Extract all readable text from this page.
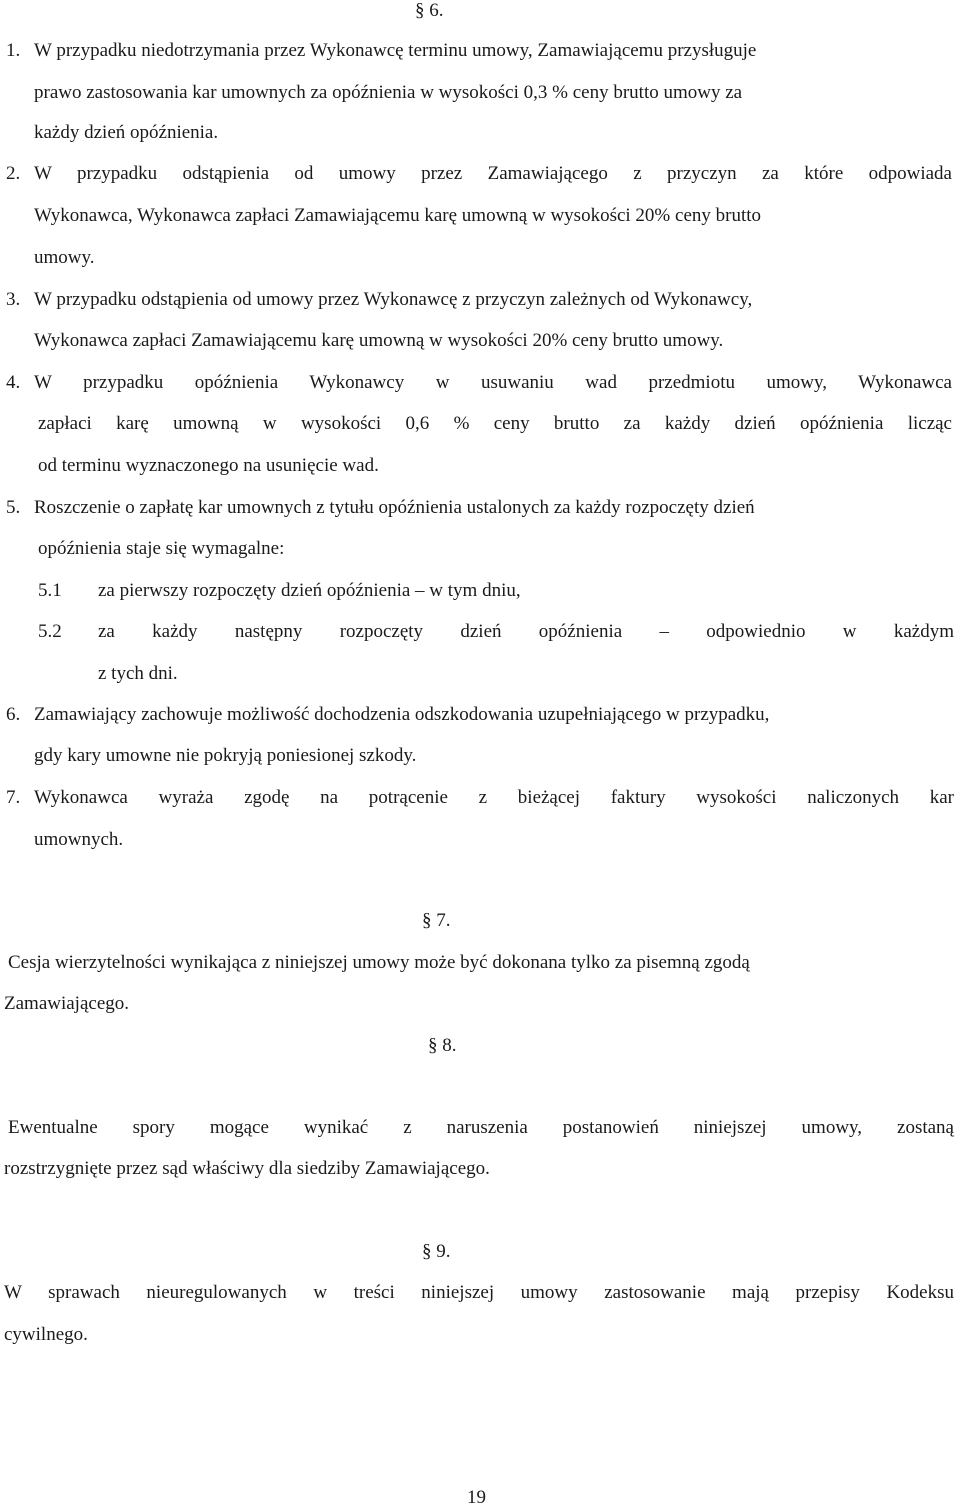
§ 6.
1. W przypadku niedotrzymania przez Wykonawcę terminu umowy, Zamawiającemu przysługuje
prawo zastosowania kar umownych za opóźnienia w wysokości 0,3 % ceny brutto umowy za
każdy dzień opóźnienia.
2. W przypadku odstąpienia od umowy przez Zamawiającego z przyczyn za które odpowiada
Wykonawca, Wykonawca zapłaci Zamawiającemu karę umowną w wysokości 20% ceny brutto
umowy.
3. W przypadku odstąpienia od umowy przez Wykonawcę z przyczyn zależnych od Wykonawcy,
Wykonawca zapłaci Zamawiającemu karę umowną w wysokości 20% ceny brutto umowy.
4. W przypadku opóźnienia Wykonawcy w usuwaniu wad przedmiotu umowy, Wykonawca
zapłaci karę umowną w wysokości 0,6 % ceny brutto za każdy dzień opóźnienia licząc
od terminu wyznaczonego na usunięcie wad.
5. Roszczenie o zapłatę kar umownych z tytułu opóźnienia ustalonych za każdy rozpoczęty dzień
opóźnienia staje się wymagalne:
5.1 za pierwszy rozpoczęty dzień opóźnienia – w tym dniu,
5.2 za każdy następny rozpoczęty dzień opóźnienia – odpowiednio w każdym
z tych dni.
6. Zamawiający zachowuje możliwość dochodzenia odszkodowania uzupełniającego w przypadku,
gdy kary umowne nie pokryją poniesionej szkody.
7. Wykonawca wyraża zgodę na potrącenie z bieżącej faktury wysokości naliczonych kar
umownych.
§ 7.
Cesja wierzytelności wynikająca z niniejszej umowy może być dokonana tylko za pisemną zgodą
Zamawiającego.
§ 8.
Ewentualne spory mogące wynikać z naruszenia postanowień niniejszej umowy, zostaną
rozstrzygnięte przez sąd właściwy dla siedziby Zamawiającego.
§ 9.
W sprawach nieuregulowanych w treści niniejszej umowy zastosowanie mają przepisy Kodeksu
cywilnego.
19
